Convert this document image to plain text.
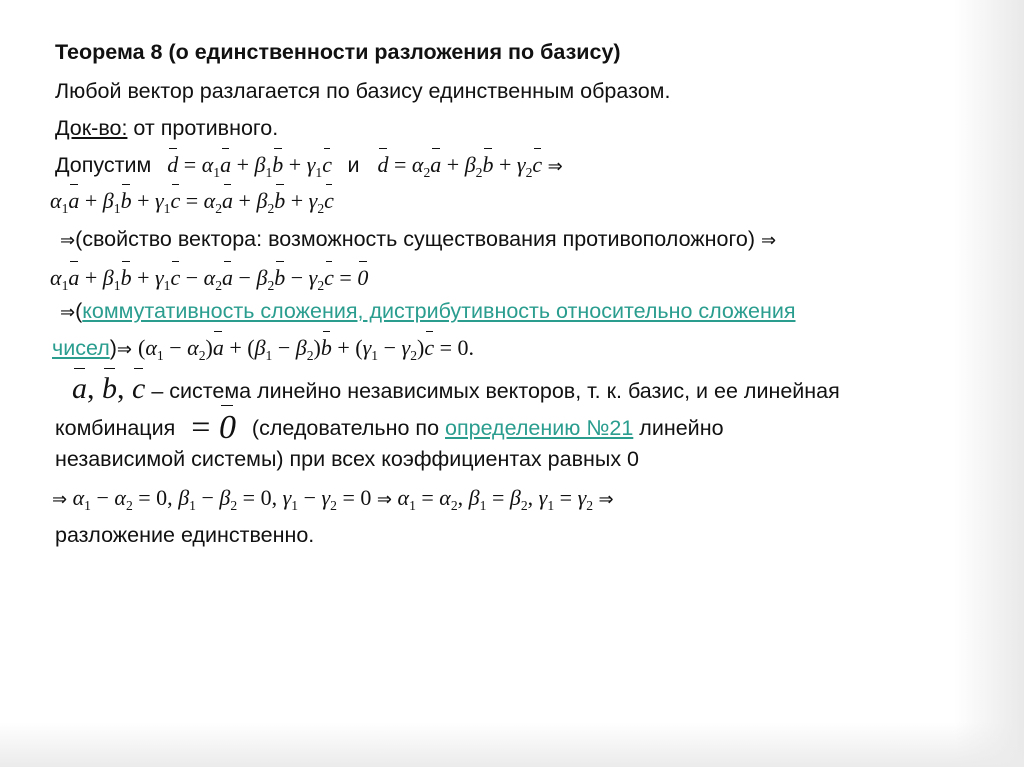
Теорема 8 (о единственности разложения по базису)
Любой вектор разлагается по базису единственным образом.
Док-во: от противного.
Допустим $d = \alpha_1a + \beta_1b + \gamma_1c$ и $d = \alpha_2a + \beta_2b + \gamma_2c$ ⇒
$\alpha_1a + \beta_1b + \gamma_1c = \alpha_2a + \beta_2b + \gamma_2c$
⇒(свойство вектора: возможность существования противоположного) ⇒
$\alpha_1a + \beta_1b + \gamma_1c - \alpha_2a - \beta_2b - \gamma_2c = 0$
⇒(коммутативность сложения, дистрибутивность относительно сложения
чисел)⇒ $(\alpha_1 - \alpha_2)a + (\beta_1 - \beta_2)b + (\gamma_1 - \gamma_2)c = 0$.
a, b, c – система линейно независимых векторов, т. к. базис, и ее линейная
комбинация = 0 (следовательно по определению №21 линейно
независимой системы) при всех коэффициентах равных 0
⇒ $\alpha_1 - \alpha_2 = 0$, $\beta_1 - \beta_2 = 0$, $\gamma_1 - \gamma_2 = 0$ ⇒ $\alpha_1 = \alpha_2$, $\beta_1 = \beta_2$, $\gamma_1 = \gamma_2$ ⇒
разложение единственно.
